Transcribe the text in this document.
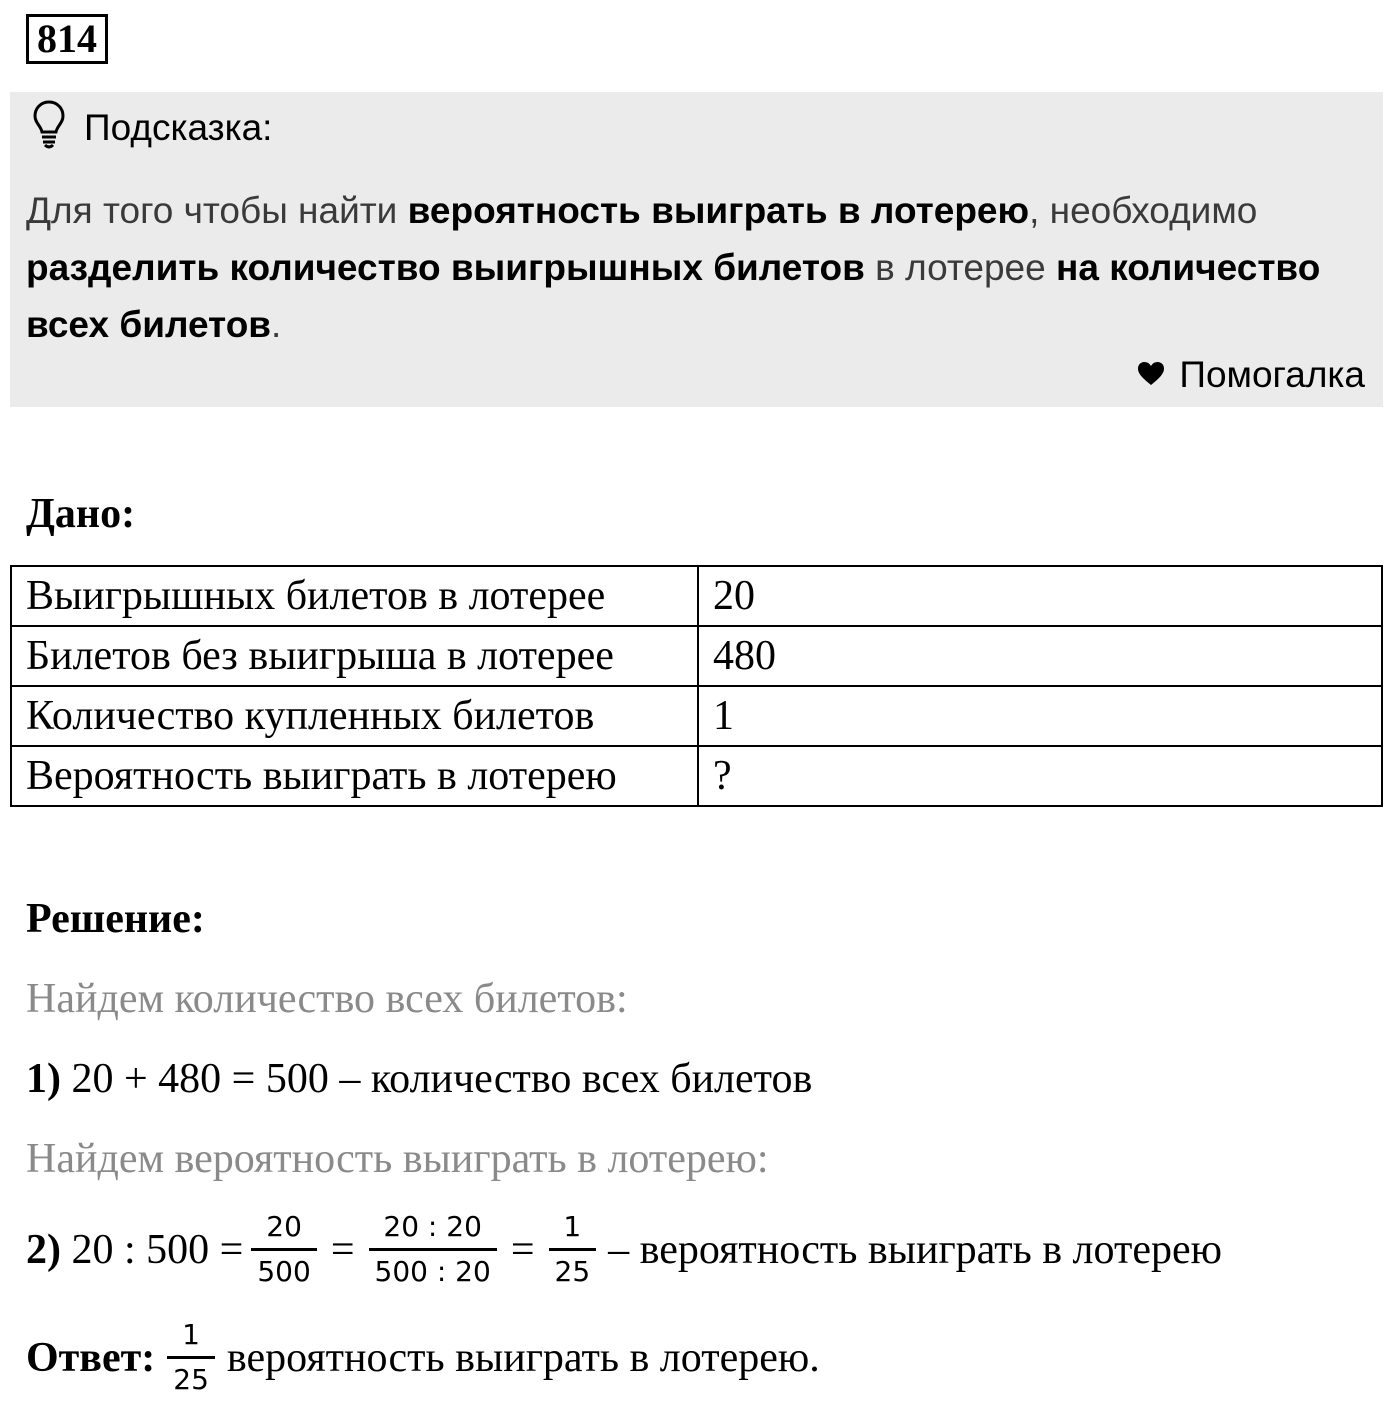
814
Подсказка:
Для того чтобы найти вероятность выиграть в лотерею, необходимо разделить количество выигрышных билетов в лотерее на количество всех билетов.
Помогалка
Дано:
Выигрышных билетов в лотерее	20
Билетов без выигрыша в лотерее	480
Количество купленных билетов	1
Вероятность выиграть в лотерею	?
Решение:
Найдем количество всех билетов:
1) 20 + 480 = 500 – количество всех билетов
Найдем вероятность выиграть в лотерею:
2) 20 : $500 = \frac{20}{500} = \frac{20 : 20}{500 : 20} = \frac{1}{25}$ – вероятность выиграть в лотерею
Ответ: $\frac{1}{25}$ вероятность выиграть в лотерею.
